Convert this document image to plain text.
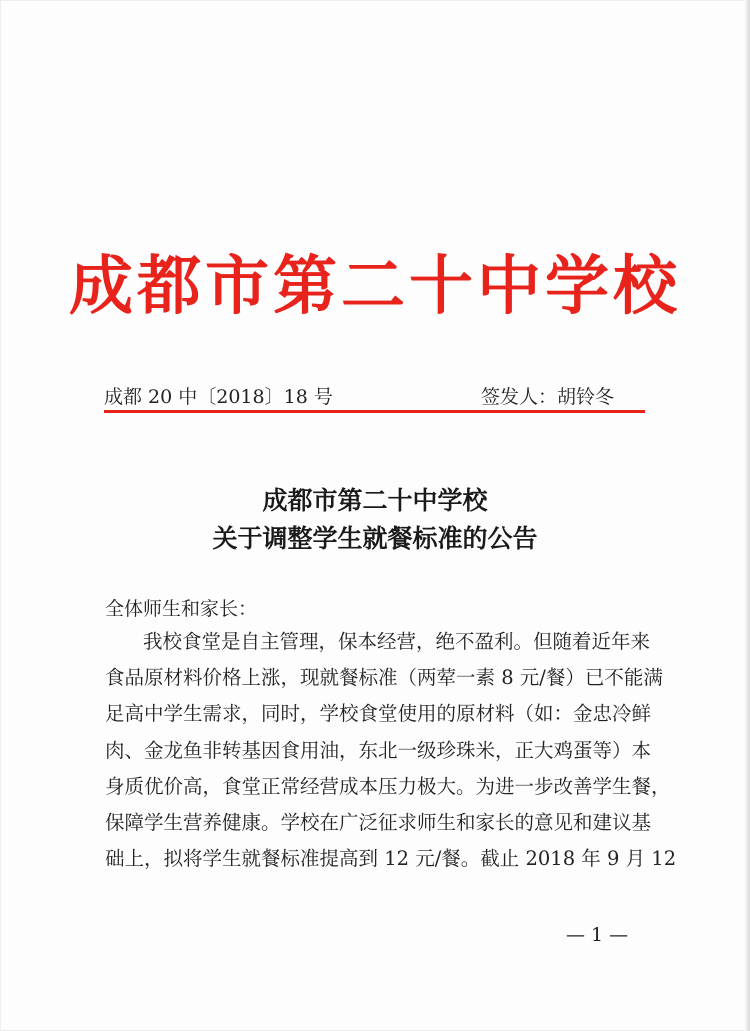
成都市第二十中学校
成都 20 中〔2018〕18 号	签发人：胡铃冬
成都市第二十中学校
关于调整学生就餐标准的公告
全体师生和家长：
我校食堂是自主管理，保本经营，绝不盈利。但随着近年来
食品原材料价格上涨，现就餐标准（两荤一素 8 元/餐）已不能满
足高中学生需求，同时，学校食堂使用的原材料（如：金忠冷鲜
肉、金龙鱼非转基因食用油，东北一级珍珠米，正大鸡蛋等）本
身质优价高，食堂正常经营成本压力极大。为进一步改善学生餐，
保障学生营养健康。学校在广泛征求师生和家长的意见和建议基
础上，拟将学生就餐标准提高到 12 元/餐。截止 2018 年 9 月 12
— 1 —
